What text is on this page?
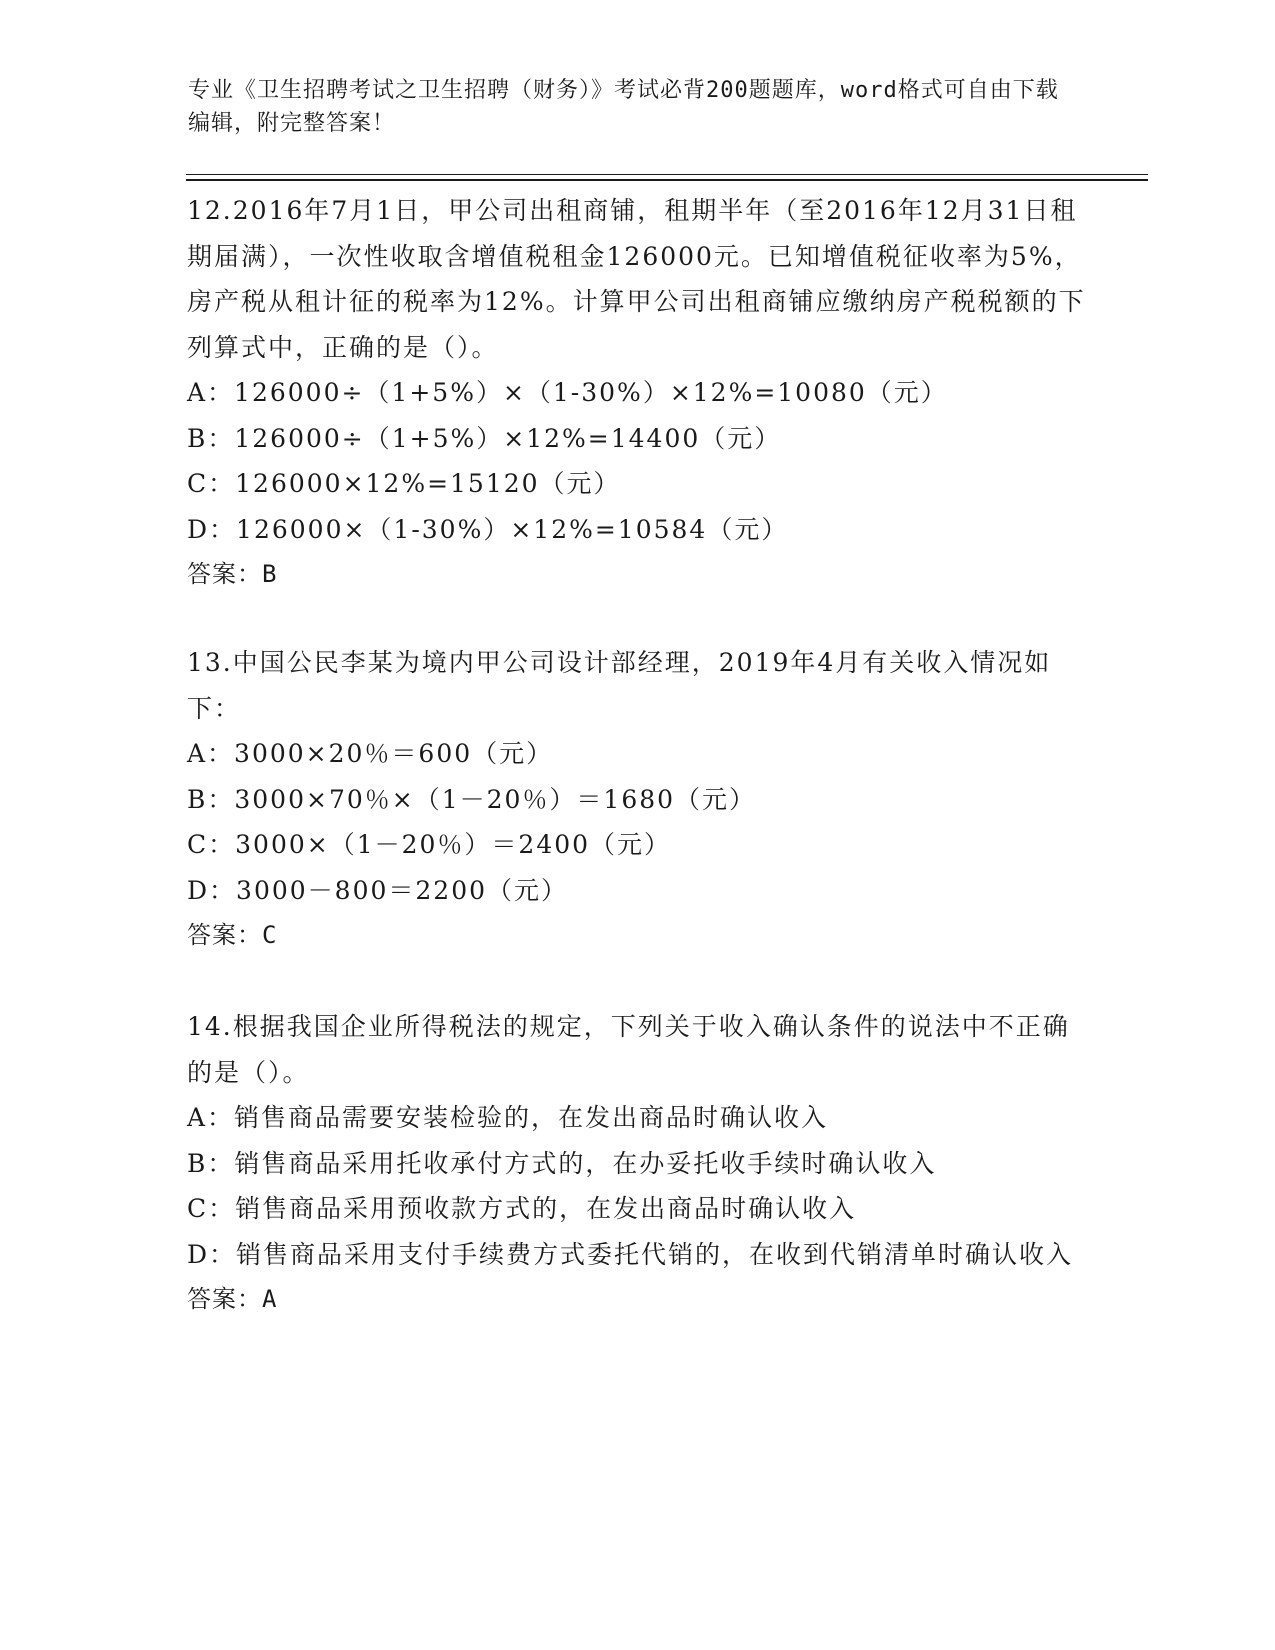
专业《卫生招聘考试之卫生招聘（财务）》考试必背200题题库，word格式可自由下载编辑，附完整答案！
12.2016年7月1日，甲公司出租商铺，租期半年（至2016年12月31日租期届满），一次性收取含增值税租金126000元。已知增值税征收率为5%，房产税从租计征的税率为12%。计算甲公司出租商铺应缴纳房产税税额的下列算式中，正确的是（）。
A：126000÷（1+5%）×（1-30%）×12%=10080（元）
B：126000÷（1+5%）×12%=14400（元）
C：126000×12%=15120（元）
D：126000×（1-30%）×12%=10584（元）
答案：B
13.中国公民李某为境内甲公司设计部经理，2019年4月有关收入情况如下：
A：3000×20％＝600（元）
B：3000×70％×（1－20％）＝1680（元）
C：3000×（1－20％）＝2400（元）
D：3000－800＝2200（元）
答案：C
14.根据我国企业所得税法的规定，下列关于收入确认条件的说法中不正确的是（）。
A：销售商品需要安装检验的，在发出商品时确认收入
B：销售商品采用托收承付方式的，在办妥托收手续时确认收入
C：销售商品采用预收款方式的，在发出商品时确认收入
D：销售商品采用支付手续费方式委托代销的，在收到代销清单时确认收入
答案：A
